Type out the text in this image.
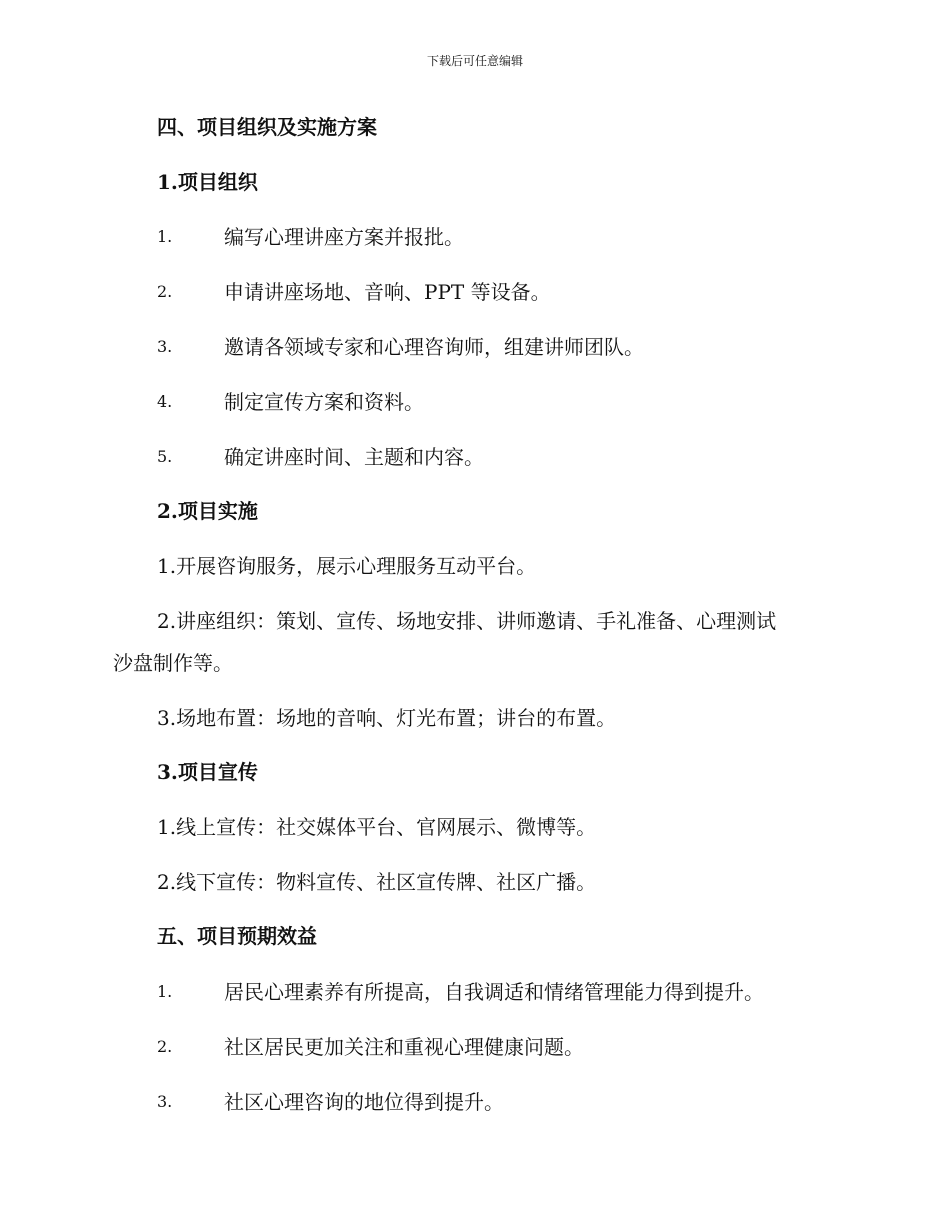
下载后可任意编辑
四、项目组织及实施方案
1.项目组织
1.	编写心理讲座方案并报批。
2.	申请讲座场地、音响、PPT 等设备。
3.	邀请各领域专家和心理咨询师，组建讲师团队。
4.	制定宣传方案和资料。
5.	确定讲座时间、主题和内容。
2.项目实施
1.开展咨询服务，展示心理服务互动平台。
2.讲座组织：策划、宣传、场地安排、讲师邀请、手礼准备、心理测试
沙盘制作等。
3.场地布置：场地的音响、灯光布置；讲台的布置。
3.项目宣传
1.线上宣传：社交媒体平台、官网展示、微博等。
2.线下宣传：物料宣传、社区宣传牌、社区广播。
五、项目预期效益
1.	居民心理素养有所提高，自我调适和情绪管理能力得到提升。
2.	社区居民更加关注和重视心理健康问题。
3.	社区心理咨询的地位得到提升。
